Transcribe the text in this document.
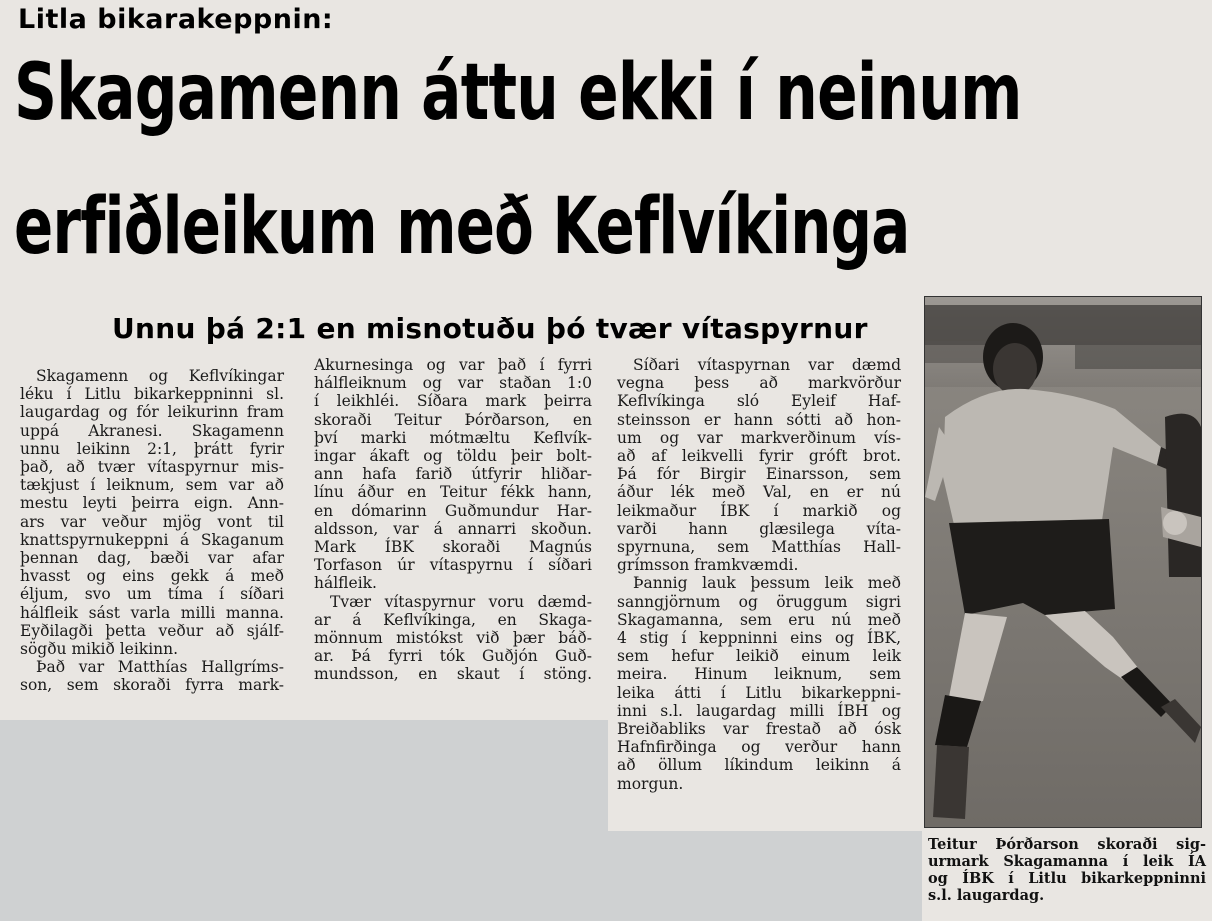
Litla bikarakeppnin:
Skagamenn áttu ekki í neinum
erfiðleikum með Keflvíkinga
Unnu þá 2:1 en misnotuðu þó tvær vítaspyrnur
Skagamenn og Keflvíkingar
léku í Litlu bikarkeppninni sl.
laugardag og fór leikurinn fram
uppá Akranesi. Skagamenn
unnu leikinn 2:1, þrátt fyrir
það, að tvær vítaspyrnur mis-
tækjust í leiknum, sem var að
mestu leyti þeirra eign. Ann-
ars var veður mjög vont til
knattspyrnukeppni á Skaganum
þennan dag, bæði var afar
hvasst og eins gekk á með
éljum, svo um tíma í síðari
hálfleik sást varla milli manna.
Eyðilagði þetta veður að sjálf-
sögðu mikið leikinn.
Það var Matthías Hallgríms-
son, sem skoraði fyrra mark-
Akurnesinga og var það í fyrri
hálfleiknum og var staðan 1:0
í leikhléi. Síðara mark þeirra
skoraði Teitur Þórðarson, en
því marki mótmæltu Keflvík-
ingar ákaft og töldu þeir bolt-
ann hafa farið útfyrir hliðar-
línu áður en Teitur fékk hann,
en dómarinn Guðmundur Har-
aldsson, var á annarri skoðun.
Mark ÍBK skoraði Magnús
Torfason úr vítaspyrnu í síðari
hálfleik.
Tvær vítaspyrnur voru dæmd-
ar á Keflvíkinga, en Skaga-
mönnum mistókst við þær báð-
ar. Þá fyrri tók Guðjón Guð-
mundsson, en skaut í stöng.
Síðari vítaspyrnan var dæmd
vegna þess að markvörður
Keflvíkinga sló Eyleif Haf-
steinsson er hann sótti að hon-
um og var markverðinum vís-
að af leikvelli fyrir gróft brot.
Þá fór Birgir Einarsson, sem
áður lék með Val, en er nú
leikmaður ÍBK í markið og
varði hann glæsilega víta-
spyrnuna, sem Matthías Hall-
grímsson framkvæmdi.
Þannig lauk þessum leik með
sanngjörnum og öruggum sigri
Skagamanna, sem eru nú með
4 stig í keppninni eins og ÍBK,
sem hefur leikið einum leik
meira. Hinum leiknum, sem
leika átti í Litlu bikarkeppni-
inni s.l. laugardag milli ÍBH og
Breiðabliks var frestað að ósk
Hafnfirðinga og verður hann
að öllum líkindum leikinn á
morgun.
Teitur Þórðarson skoraði sig-
urmark Skagamanna í leik ÍA
og ÍBK í Litlu bikarkeppninni
s.l. laugardag.
